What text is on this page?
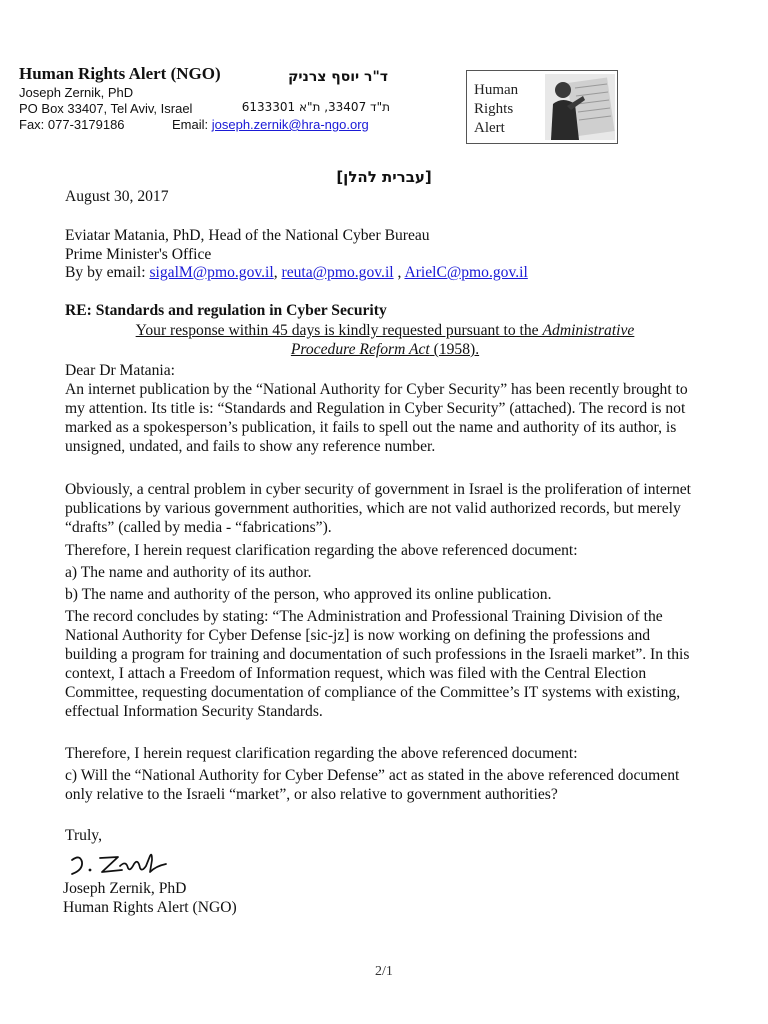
Human Rights Alert (NGO)
Joseph Zernik, PhD
PO Box 33407, Tel Aviv, Israel
Fax: 077-3179186	Email: joseph.zernik@hra-ngo.org
ד"ר יוסף צרניק
ת"ד 33407, ת"א 6133301
Human
Rights
Alert
[עברית להלן]
August 30, 2017
Eviatar Matania, PhD, Head of the National Cyber Bureau
Prime Minister's Office
By by email: sigalM@pmo.gov.il, reuta@pmo.gov.il , ArielC@pmo.gov.il
RE: Standards and regulation in Cyber Security
Your response within 45 days is kindly requested pursuant to the Administrative
Procedure Reform Act (1958).
Dear Dr Matania:
An internet publication by the “National Authority for Cyber Security” has been recently brought to my attention. Its title is: “Standards and Regulation in Cyber Security” (attached). The record is not marked as a spokesperson’s publication, it fails to spell out the name and authority of its author, is unsigned, undated, and fails to show any reference number.
Obviously, a central problem in cyber security of government in Israel is the proliferation of internet publications by various government authorities, which are not valid authorized records, but merely “drafts” (called by media - “fabrications”).
Therefore, I herein request clarification regarding the above referenced document:
a) The name and authority of its author.
b) The name and authority of the person, who approved its online publication.
The record concludes by stating: “The Administration and Professional Training Division of the National Authority for Cyber Defense [sic-jz] is now working on defining the professions and building a program for training and documentation of such professions in the Israeli market”. In this context, I attach a Freedom of Information request, which was filed with the Central Election Committee, requesting documentation of compliance of the Committee’s IT systems with existing, effectual Information Security Standards.
Therefore, I herein request clarification regarding the above referenced document:
c) Will the “National Authority for Cyber Defense” act as stated in the above referenced document only relative to the Israeli “market”, or also relative to government authorities?
Truly,
Joseph Zernik, PhD
Human Rights Alert (NGO)
2/1
